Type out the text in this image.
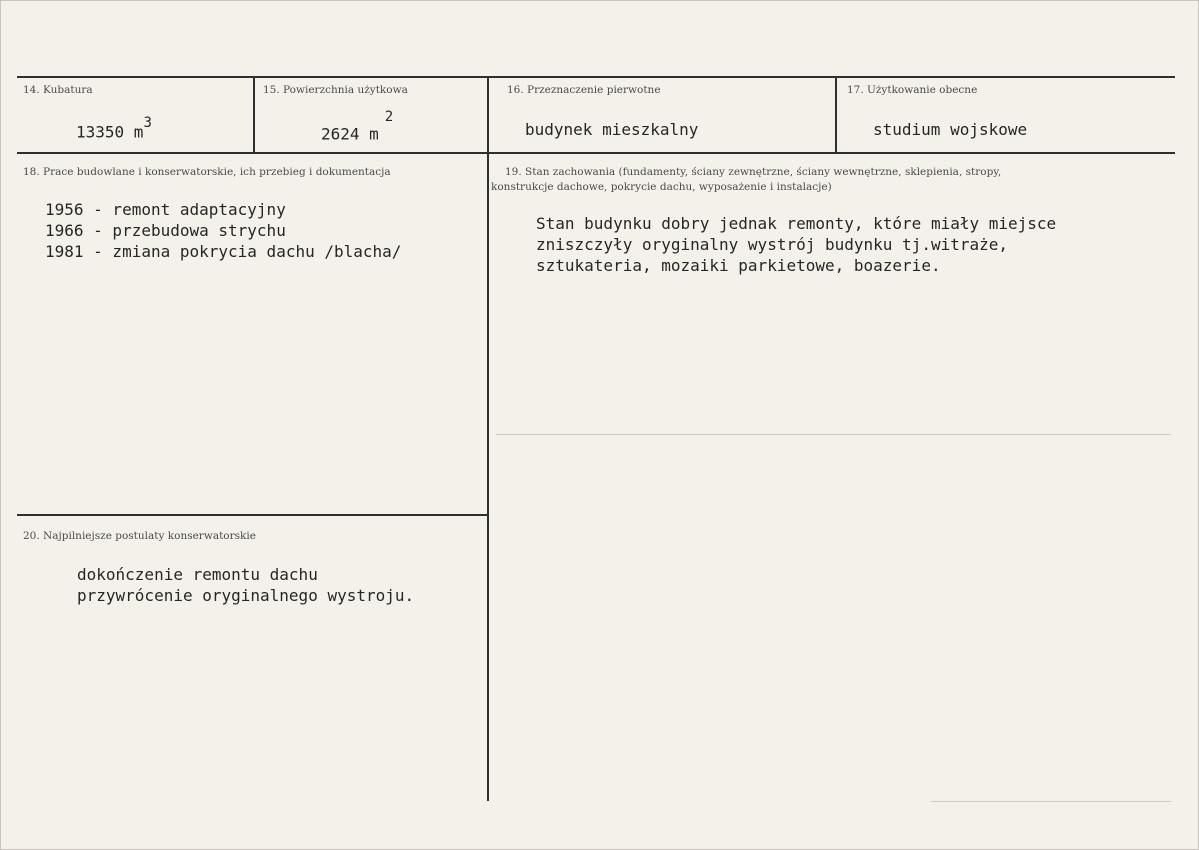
14. Kubatura
13350 $m^3$
15. Powierzchnia użytkowa
2624 $m^2$
16. Przeznaczenie pierwotne
budynek mieszkalny
17. Użytkowanie obecne
studium wojskowe
18. Prace budowlane i konserwatorskie, ich przebieg i dokumentacja
1956 - remont adaptacyjny
1966 - przebudowa strychu
1981 - zmiana pokrycia dachu /blacha/
19. Stan zachowania (fundamenty, ściany zewnętrzne, ściany wewnętrzne, sklepienia, stropy,
konstrukcje dachowe, pokrycie dachu, wyposażenie i instalacje)
Stan budynku dobry jednak remonty, które miały miejsce
zniszczyły oryginalny wystrój budynku tj.witraże,
sztukateria, mozaiki parkietowe, boazerie.
20. Najpilniejsze postulaty konserwatorskie
dokończenie remontu dachu
przywrócenie oryginalnego wystroju.
